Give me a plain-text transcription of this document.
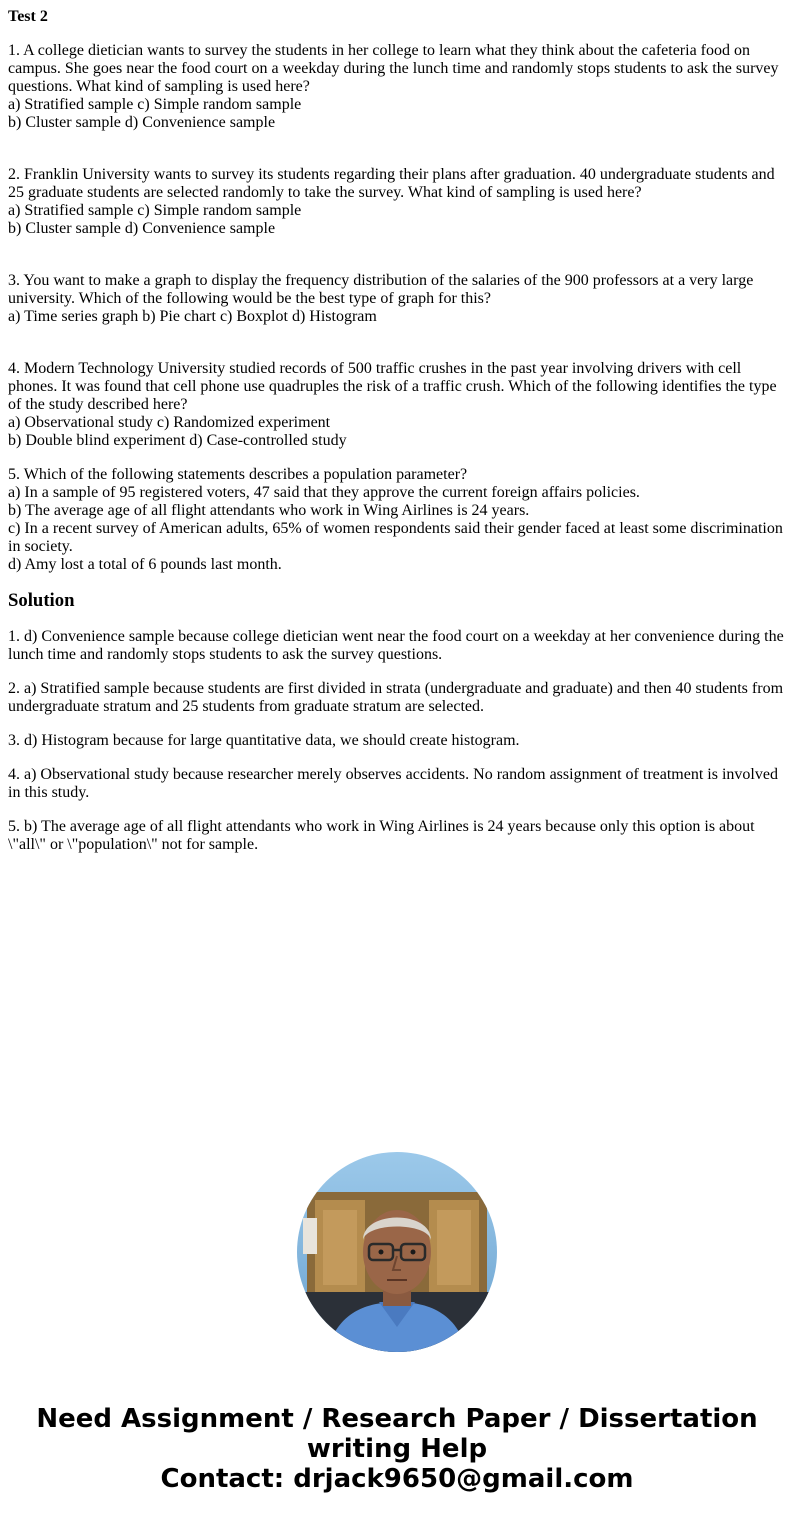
Test 2
1. A college dietician wants to survey the students in her college to learn what they think about the cafeteria food on campus. She goes near the food court on a weekday during the lunch time and randomly stops students to ask the survey questions. What kind of sampling is used here?
a) Stratified sample c) Simple random sample
b) Cluster sample d) Convenience sample
2. Franklin University wants to survey its students regarding their plans after graduation. 40 undergraduate students and 25 graduate students are selected randomly to take the survey. What kind of sampling is used here?
a) Stratified sample c) Simple random sample
b) Cluster sample d) Convenience sample
3. You want to make a graph to display the frequency distribution of the salaries of the 900 professors at a very large university. Which of the following would be the best type of graph for this?
a) Time series graph b) Pie chart c) Boxplot d) Histogram
4. Modern Technology University studied records of 500 traffic crushes in the past year involving drivers with cell phones. It was found that cell phone use quadruples the risk of a traffic crush. Which of the following identifies the type of the study described here?
a) Observational study c) Randomized experiment
b) Double blind experiment d) Case-controlled study
5. Which of the following statements describes a population parameter?
a) In a sample of 95 registered voters, 47 said that they approve the current foreign affairs policies.
b) The average age of all flight attendants who work in Wing Airlines is 24 years.
c) In a recent survey of American adults, 65% of women respondents said their gender faced at least some discrimination in society.
d) Amy lost a total of 6 pounds last month.
Solution
1. d) Convenience sample because college dietician went near the food court on a weekday at her convenience during the lunch time and randomly stops students to ask the survey questions.
2. a) Stratified sample because students are first divided in strata (undergraduate and graduate) and then 40 students from undergraduate stratum and 25 students from graduate stratum are selected.
3. d) Histogram because for large quantitative data, we should create histogram.
4. a) Observational study because researcher merely observes accidents. No random assignment of treatment is involved in this study.
5. b) The average age of all flight attendants who work in Wing Airlines is 24 years because only this option is about \"all\" or \"population\" not for sample.
Need Assignment / Research Paper / Dissertation
writing Help
Contact: drjack9650@gmail.com
